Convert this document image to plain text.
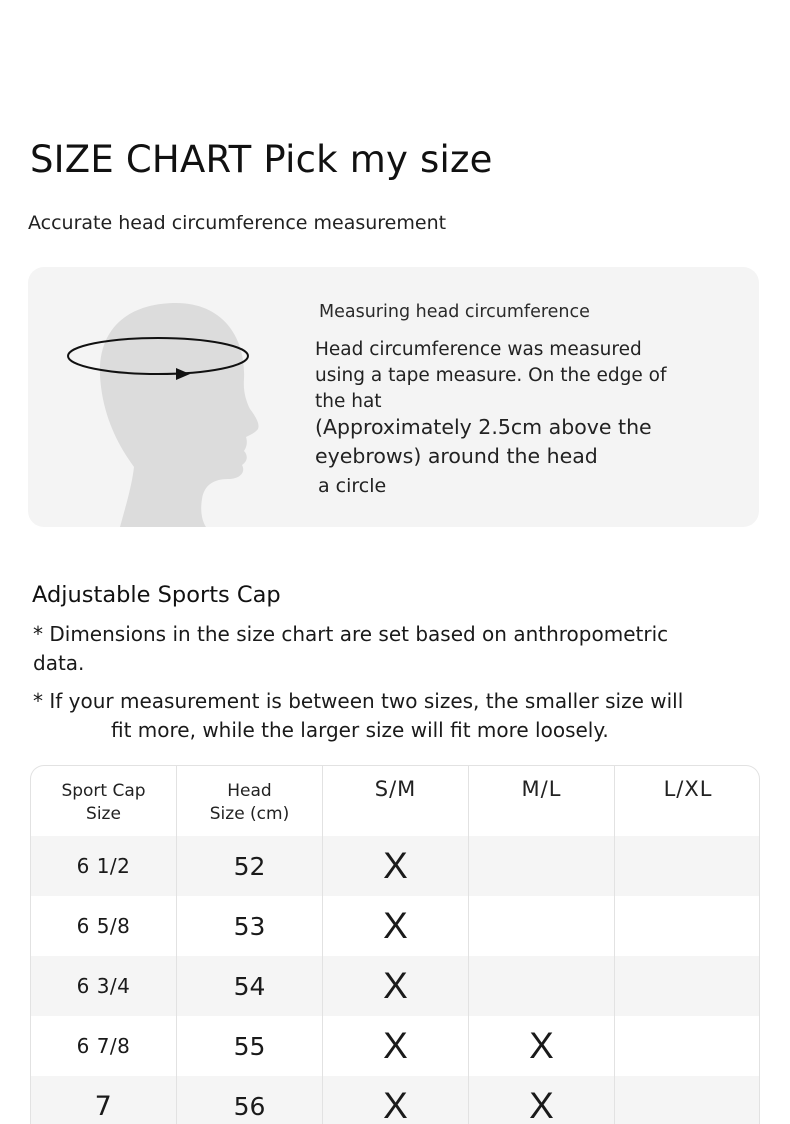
SIZE CHART Pick my size
Accurate head circumference measurement
Measuring head circumference
Head circumference was measured
using a tape measure. On the edge of
the hat
(Approximately 2.5cm above the
eyebrows) around the head
a circle
Adjustable Sports Cap
* Dimensions in the size chart are set based on anthropometric
data.
* If your measurement is between two sizes, the smaller size will
fit more, while the larger size will fit more loosely.
Sport Cap
Size
Head
Size (cm)
S/M	M/L	L/XL
6 1/2	52	X
6 5/8	53	X
6 3/4	54	X
6 7/8	55	X	X
7	56	X	X
